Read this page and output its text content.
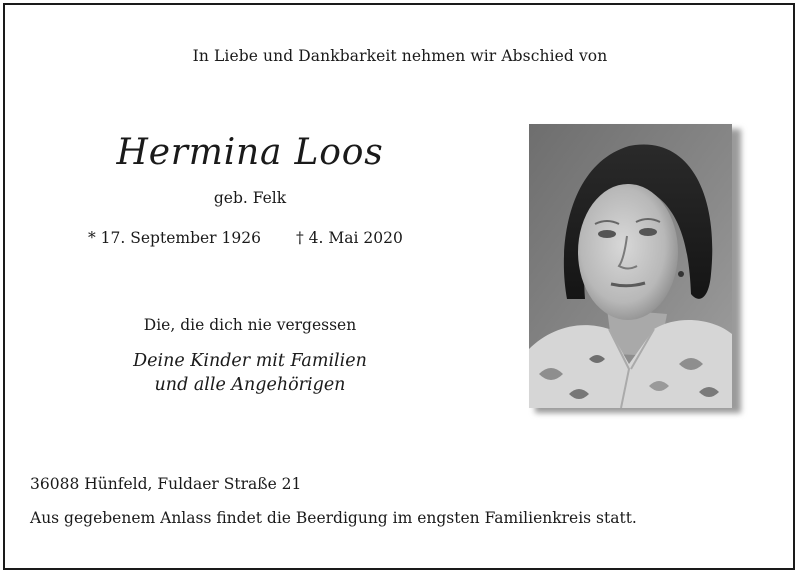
In Liebe und Dankbarkeit nehmen wir Abschied von
Hermina Loos
geb. Felk
* 17. September 1926 † 4. Mai 2020
Die, die dich nie vergessen
Deine Kinder mit Familien
und alle Angehörigen
36088 Hünfeld, Fuldaer Straße 21
Aus gegebenem Anlass findet die Beerdigung im engsten Familienkreis statt.
